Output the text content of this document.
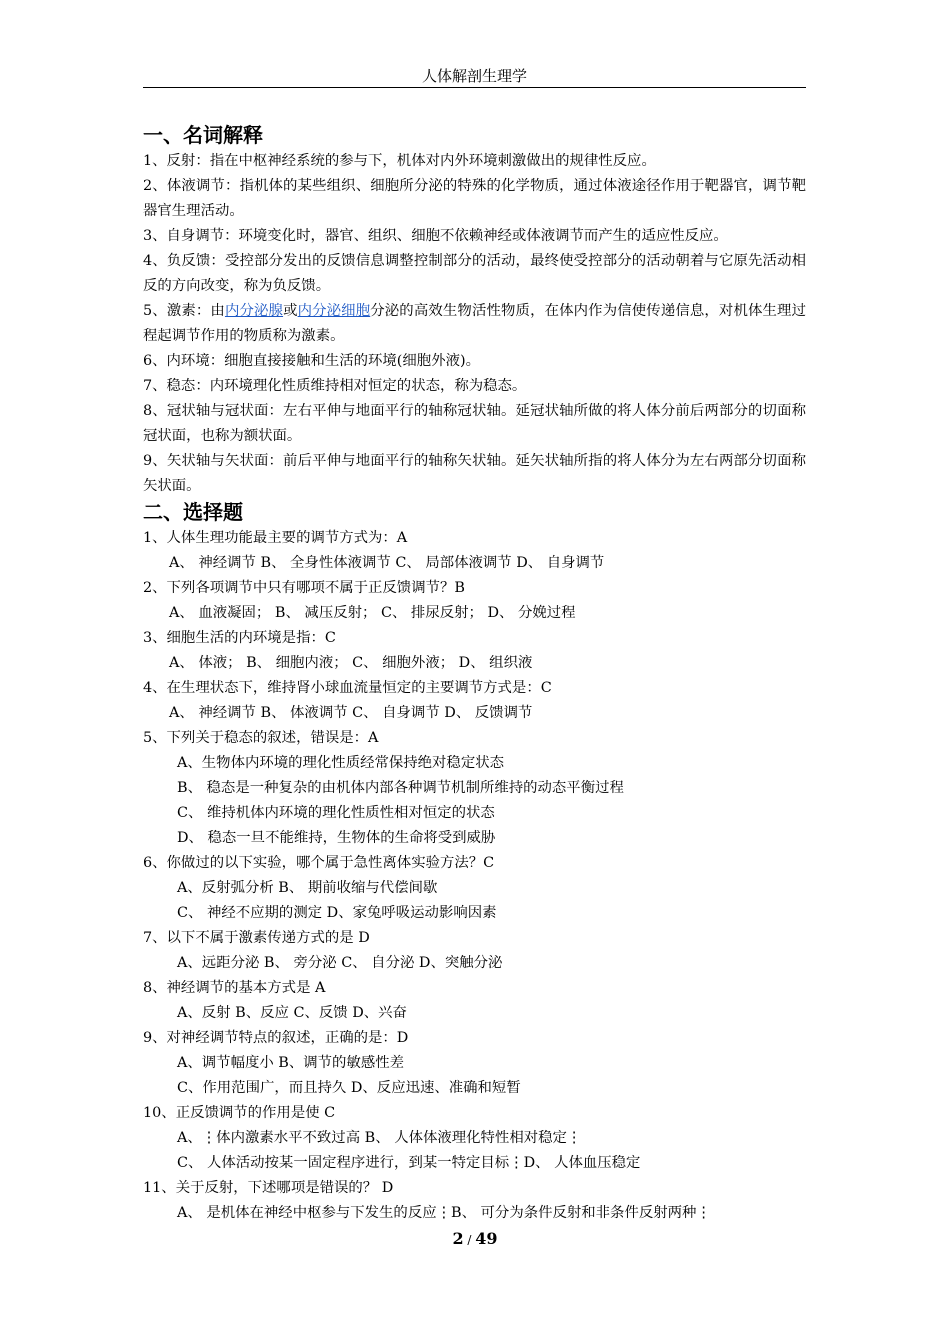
人体解剖生理学
一、名词解释

1、反射：指在中枢神经系统的参与下，机体对内外环境刺激做出的规律性反应。

2、体液调节：指机体的某些组织、细胞所分泌的特殊的化学物质，通过体液途径作用于靶器官，调节靶器官生理活动。

3、自身调节：环境变化时，器官、组织、细胞不依赖神经或体液调节而产生的适应性反应。

4、负反馈：受控部分发出的反馈信息调整控制部分的活动，最终使受控部分的活动朝着与它原先活动相反的方向改变，称为负反馈。

5、激素：由内分泌腺或内分泌细胞分泌的高效生物活性物质，在体内作为信使传递信息，对机体生理过程起调节作用的物质称为激素。

6、内环境：细胞直接接触和生活的环境(细胞外液)。

7、稳态：内环境理化性质维持相对恒定的状态，称为稳态。

8、冠状轴与冠状面：左右平伸与地面平行的轴称冠状轴。延冠状轴所做的将人体分前后两部分的切面称冠状面，也称为额状面。

9、矢状轴与矢状面：前后平伸与地面平行的轴称矢状轴。延矢状轴所指的将人体分为左右两部分切面称矢状面。

二、选择题

1、人体生理功能最主要的调节方式为：A

A、 神经调节 B、 全身性体液调节 C、 局部体液调节 D、 自身调节

2、下列各项调节中只有哪项不属于正反馈调节？B

A、 血液凝固； B、 减压反射； C、 排尿反射； D、 分娩过程

3、细胞生活的内环境是指：C

A、 体液； B、 细胞内液； C、 细胞外液； D、 组织液

4、在生理状态下，维持肾小球血流量恒定的主要调节方式是：C

A、 神经调节 B、 体液调节 C、 自身调节 D、 反馈调节

5、下列关于稳态的叙述，错误是：A

A、生物体内环境的理化性质经常保持绝对稳定状态

B、 稳态是一种复杂的由机体内部各种调节机制所维持的动态平衡过程

C、 维持机体内环境的理化性质性相对恒定的状态

D、 稳态一旦不能维持，生物体的生命将受到威胁

6、你做过的以下实验，哪个属于急性离体实验方法？C

A、反射弧分析 B、 期前收缩与代偿间歇

C、 神经不应期的测定 D、家兔呼吸运动影响因素

7、以下不属于激素传递方式的是 D

A、远距分泌 B、 旁分泌 C、 自分泌 D、突触分泌

8、神经调节的基本方式是 A

A、反射 B、反应 C、反馈 D、兴奋

9、对神经调节特点的叙述，正确的是：D

A、调节幅度小 B、调节的敏感性差

C、作用范围广，而且持久 D、反应迅速、准确和短暂

10、正反馈调节的作用是使 C

A、⋮体内激素水平不致过高 B、 人体体液理化特性相对稳定⋮

C、 人体活动按某一固定程序进行，到某一特定目标⋮D、 人体血压稳定

11、关于反射，下述哪项是错误的？ D

A、 是机体在神经中枢参与下发生的反应⋮B、 可分为条件反射和非条件反射两种⋮

2 / 49
